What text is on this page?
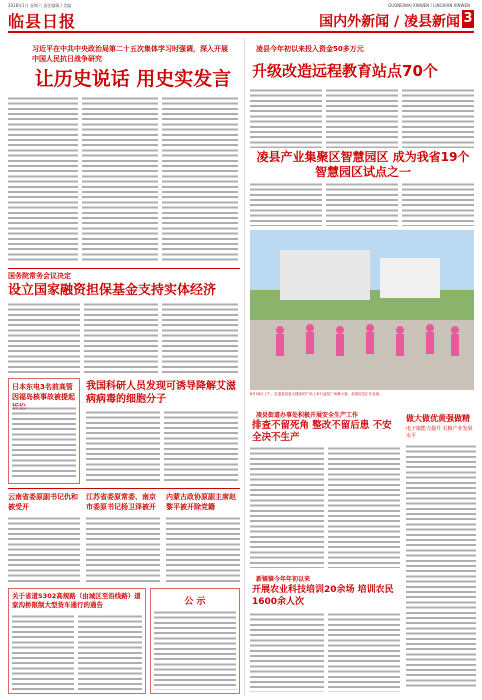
2018年1月 星期六 责任编辑 / 美编	GUONEIWAI XINWEN / LINGXIAN XINWEN
临县日报	国内外新闻 / 凌县新闻 3
习近平在中共中央政治局第二十五次集体学习时强调，深入开展中国人民抗日战争研究
让历史说话 用史实发言
国务院常务会议决定
设立国家融资担保基金支持实体经济
日本东电3名前高管因福岛核事故被提起
我国科研人员发现可诱导降解艾滋病病毒的细胞分子
云南省委原副书记仇和被受开
江苏省委原常委、南京市委原书记杨卫泽被开
内蒙古政协原副主席赵黎平被开除党籍
关于省道S302高规路（由城区至沿线路）道家沟桥限制大型货车通行的通告	公 示
凌县今年初以来投入资金50多万元
升级改造远程教育站点70个
凌县产业集聚区智慧园区 成为我省19个智慧园区试点之一
8月28日上午，在凌县县委大楼前的广场上举行凌县广场舞大赛，参赛队员正在表演。
凌县街道办事处积极开展安全生产工作
排查不留死角 整改不留后患 不安全决不生产
做大做优黄强做精
电子镇能力提升 石粮产业发展水平
新镇镇今年年初以来
开展农业科技培训20余场 培训农民1600余人次
